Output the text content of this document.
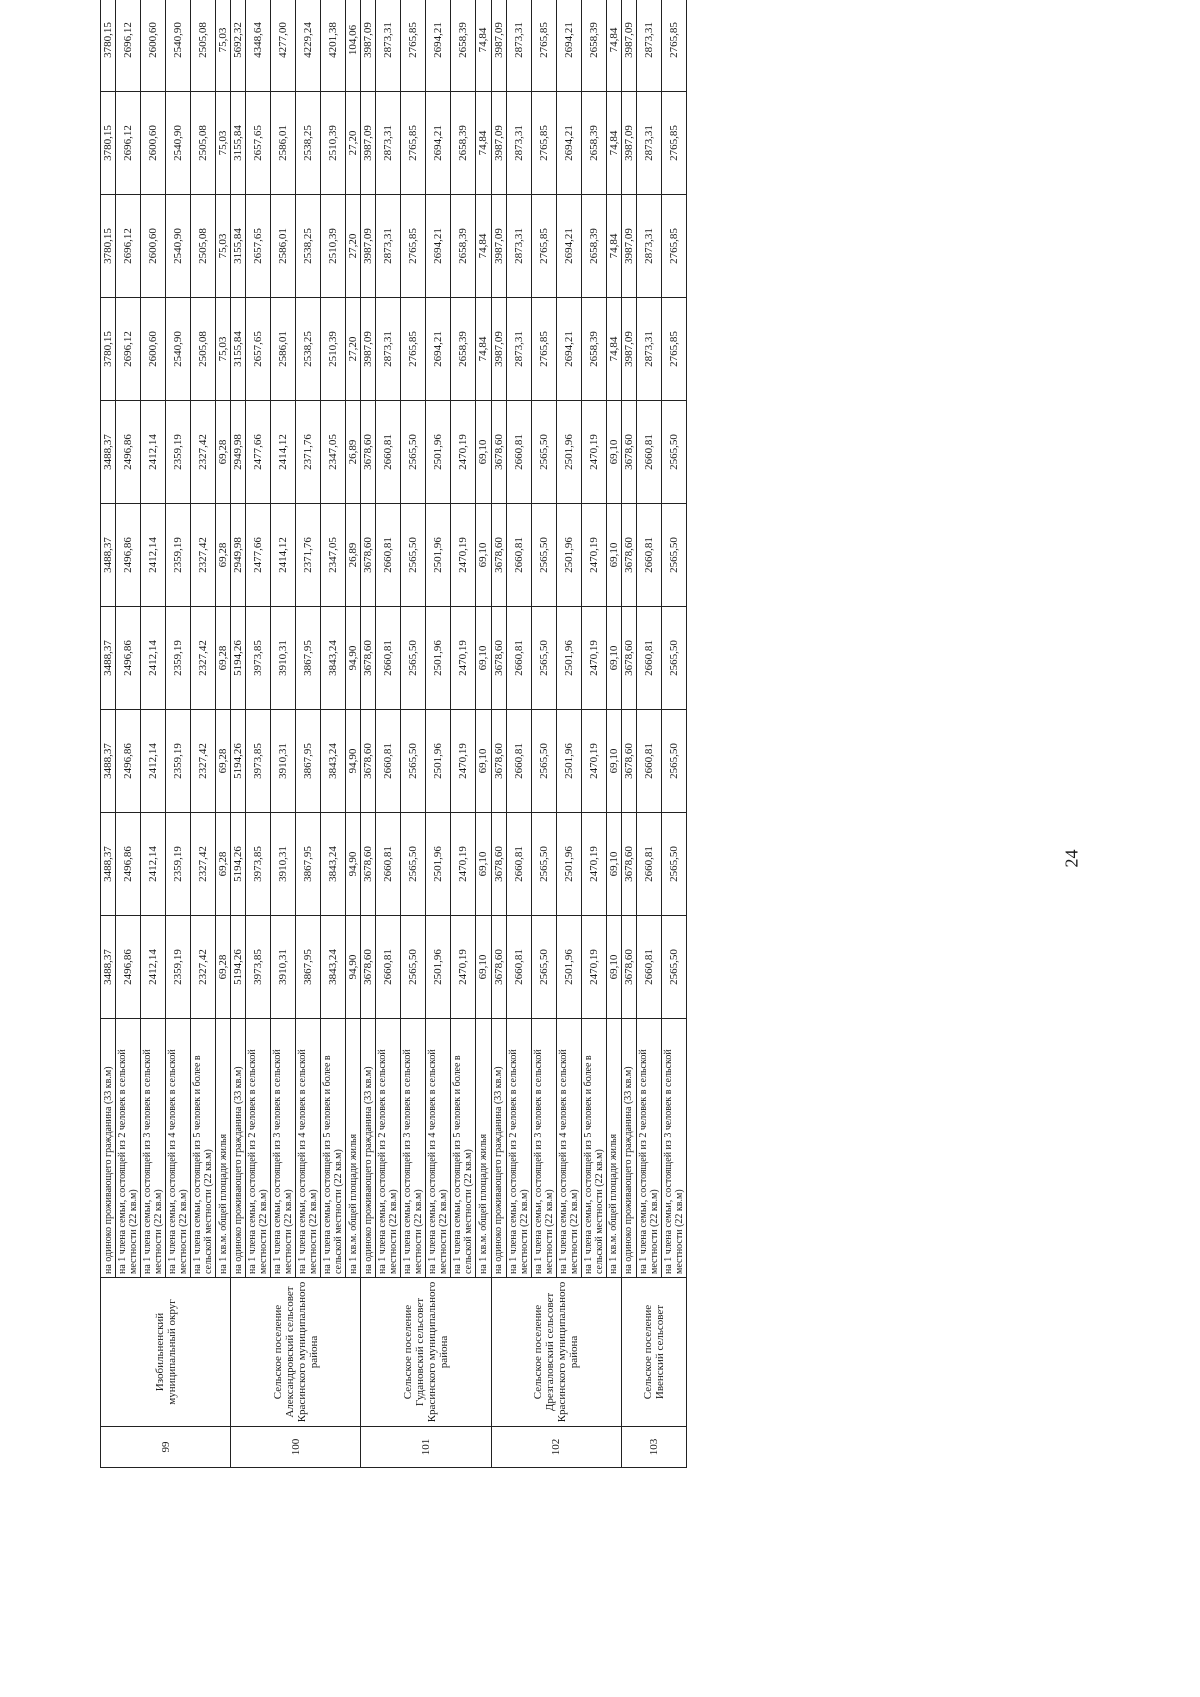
99	Изобильненский муниципальный округ	на одиноко проживающего гражданина (33 кв.м)	3488,37	3488,37	3488,37	3488,37	3488,37	3488,37	3780,15	3780,15	3780,15	3780,15		
		на 1 члена семьи, состоящей из 2 человек в сельской местности (22 кв.м)	2496,86	2496,86	2496,86	2496,86	2496,86	2496,86	2696,12	2696,12	2696,12	2696,12		
		на 1 члена семьи, состоящей из 3 человек в сельской местности (22 кв.м)	2412,14	2412,14	2412,14	2412,14	2412,14	2412,14	2600,60	2600,60	2600,60	2600,60		
		на 1 члена семьи, состоящей из 4 человек в сельской местности (22 кв.м)	2359,19	2359,19	2359,19	2359,19	2359,19	2359,19	2540,90	2540,90	2540,90	2540,90		
		на 1 члена семьи, состоящей из 5 человек и более в сельской местности (22 кв.м)	2327,42	2327,42	2327,42	2327,42	2327,42	2327,42	2505,08	2505,08	2505,08	2505,08		
		на 1 кв.м. общей площади жилья	69,28	69,28	69,28	69,28	69,28	69,28	75,03	75,03	75,03	75,03		
100	Сельское поселение Александровский сельсовет Красинского муниципального района	на одиноко проживающего гражданина (33 кв.м)	5194,26	5194,26	5194,26	5194,26	2949,98	2949,98	3155,84	3155,84	3155,84	5692,32		
		на 1 члена семьи, состоящей из 2 человек в сельской местности (22 кв.м)	3973,85	3973,85	3973,85	3973,85	2477,66	2477,66	2657,65	2657,65	2657,65	4348,64		
		на 1 члена семьи, состоящей из 3 человек в сельской местности (22 кв.м)	3910,31	3910,31	3910,31	3910,31	2414,12	2414,12	2586,01	2586,01	2586,01	4277,00		
		на 1 члена семьи, состоящей из 4 человек в сельской местности (22 кв.м)	3867,95	3867,95	3867,95	3867,95	2371,76	2371,76	2538,25	2538,25	2538,25	4229,24		
		на 1 члена семьи, состоящей из 5 человек и более в сельской местности (22 кв.м)	3843,24	3843,24	3843,24	3843,24	2347,05	2347,05	2510,39	2510,39	2510,39	4201,38		
		на 1 кв.м. общей площади жилья	94,90	94,90	94,90	94,90	26,89	26,89	27,20	27,20	27,20	104,06		
101	Сельское поселение Гудановский сельсовет Красинского муниципального района	на одиноко проживающего гражданина (33 кв.м)	3678,60	3678,60	3678,60	3678,60	3678,60	3678,60	3987,09	3987,09	3987,09	3987,09		
		на 1 члена семьи, состоящей из 2 человек в сельской местности (22 кв.м)	2660,81	2660,81	2660,81	2660,81	2660,81	2660,81	2873,31	2873,31	2873,31	2873,31		
		на 1 члена семьи, состоящей из 3 человек в сельской местности (22 кв.м)	2565,50	2565,50	2565,50	2565,50	2565,50	2565,50	2765,85	2765,85	2765,85	2765,85		
		на 1 члена семьи, состоящей из 4 человек в сельской местности (22 кв.м)	2501,96	2501,96	2501,96	2501,96	2501,96	2501,96	2694,21	2694,21	2694,21	2694,21		
		на 1 члена семьи, состоящей из 5 человек и более в сельской местности (22 кв.м)	2470,19	2470,19	2470,19	2470,19	2470,19	2470,19	2658,39	2658,39	2658,39	2658,39		
		на 1 кв.м. общей площади жилья	69,10	69,10	69,10	69,10	69,10	69,10	74,84	74,84	74,84	74,84		
102	Сельское поселение Дрезгаловский сельсовет Красинского муниципального района	на одиноко проживающего гражданина (33 кв.м)	3678,60	3678,60	3678,60	3678,60	3678,60	3678,60	3987,09	3987,09	3987,09	3987,09		
		на 1 члена семьи, состоящей из 2 человек в сельской местности (22 кв.м)	2660,81	2660,81	2660,81	2660,81	2660,81	2660,81	2873,31	2873,31	2873,31	2873,31		
		на 1 члена семьи, состоящей из 3 человек в сельской местности (22 кв.м)	2565,50	2565,50	2565,50	2565,50	2565,50	2565,50	2765,85	2765,85	2765,85	2765,85		
		на 1 члена семьи, состоящей из 4 человек в сельской местности (22 кв.м)	2501,96	2501,96	2501,96	2501,96	2501,96	2501,96	2694,21	2694,21	2694,21	2694,21		
		на 1 члена семьи, состоящей из 5 человек и более в сельской местности (22 кв.м)	2470,19	2470,19	2470,19	2470,19	2470,19	2470,19	2658,39	2658,39	2658,39	2658,39		
		на 1 кв.м. общей площади жилья	69,10	69,10	69,10	69,10	69,10	69,10	74,84	74,84	74,84	74,84		
103	Сельское поселение Ивенский сельсовет	на одиноко проживающего гражданина (33 кв.м)	3678,60	3678,60	3678,60	3678,60	3678,60	3678,60	3987,09	3987,09	3987,09	3987,09		
		на 1 члена семьи, состоящей из 2 человек в сельской местности (22 кв.м)	2660,81	2660,81	2660,81	2660,81	2660,81	2660,81	2873,31	2873,31	2873,31	2873,31		
		на 1 члена семьи, состоящей из 3 человек в сельской местности (22 кв.м)	2565,50	2565,50	2565,50	2565,50	2565,50	2565,50	2765,85	2765,85	2765,85	2765,85		
24
